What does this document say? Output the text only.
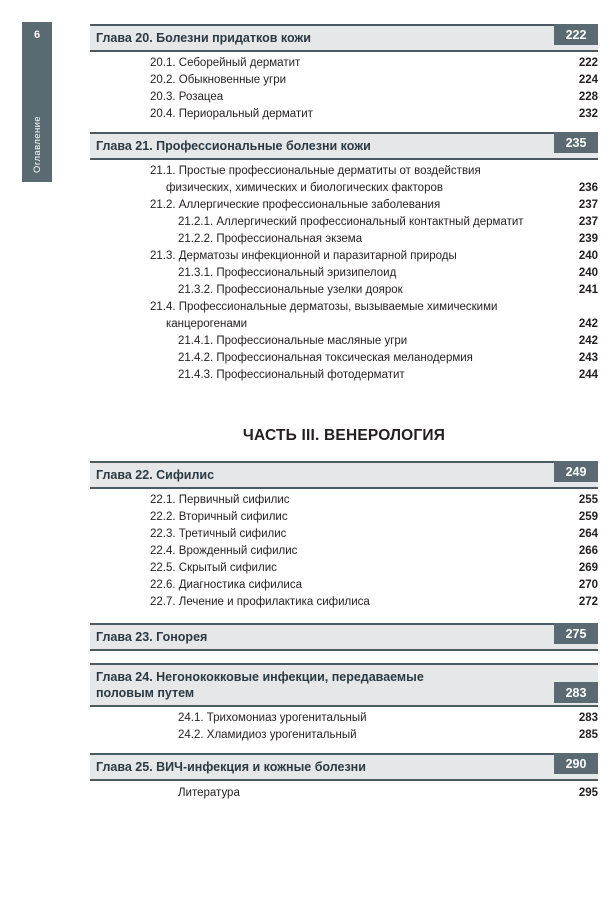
6
Оглавление
Глава 20. Болезни придатков кожи	222
20.1. Себорейный дерматит	222
20.2. Обыкновенные угри	224
20.3. Розацеа	228
20.4. Периоральный дерматит	232
Глава 21. Профессиональные болезни кожи	235
21.1. Простые профессиональные дерматиты от воздействия
физических, химических и биологических факторов	236
21.2. Аллергические профессиональные заболевания	237
21.2.1. Аллергический профессиональный контактный дерматит	237
21.2.2. Профессиональная экзема	239
21.3. Дерматозы инфекционной и паразитарной природы	240
21.3.1. Профессиональный эризипелоид	240
21.3.2. Профессиональные узелки доярок	241
21.4. Профессиональные дерматозы, вызываемые химическими
канцерогенами	242
21.4.1. Профессиональные масляные угри	242
21.4.2. Профессиональная токсическая меланодермия	243
21.4.3. Профессиональный фотодерматит	244
ЧАСТЬ III. ВЕНЕРОЛОГИЯ
Глава 22. Сифилис	249
22.1. Первичный сифилис	255
22.2. Вторичный сифилис	259
22.3. Третичный сифилис	264
22.4. Врожденный сифилис	266
22.5. Скрытый сифилис	269
22.6. Диагностика сифилиса	270
22.7. Лечение и профилактика сифилиса	272
Глава 23. Гонорея	275
Глава 24. Негонококковые инфекции, передаваемые
половым путем	283
24.1. Трихомониаз урогенитальный	283
24.2. Хламидиоз урогенитальный	285
Глава 25. ВИЧ-инфекция и кожные болезни	290
Литература	295
